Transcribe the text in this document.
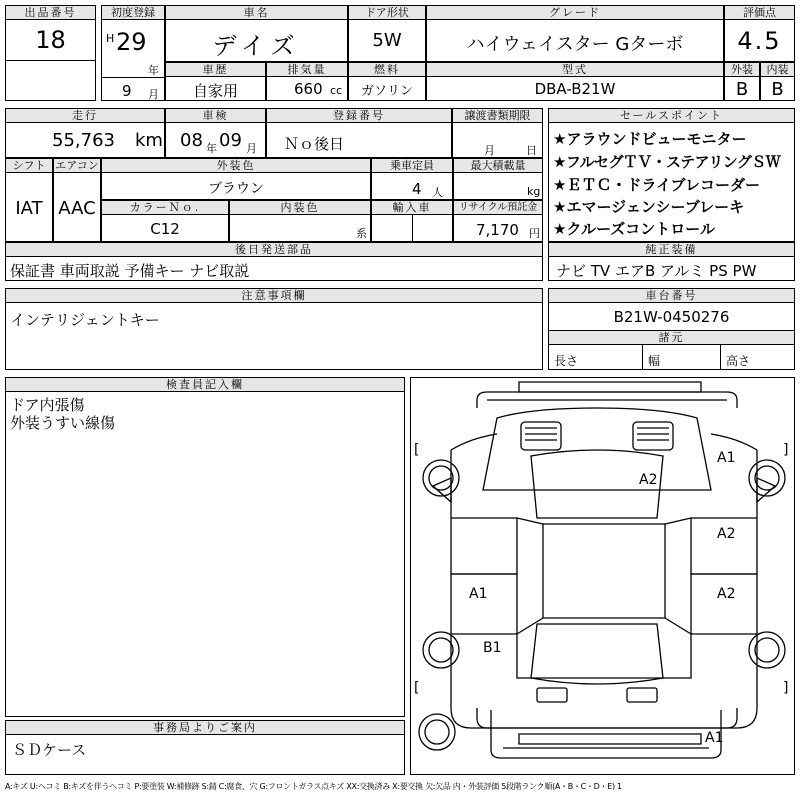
出品番号
18
初度登録
H 29
年
9 月
車名
デイズ
ドア形状
5W
グレード
ハイウェイスター Gターボ
評価点
4.5
車歴
自家用
排気量
660 cc
燃料
ガソリン
型式
DBA-B21W
外装
B
内装
B
走行
55,763 km
車検
08 年 09 月
登録番号
Ｎｏ後日
譲渡書類期限
月	日
シフト
IAT
エアコン
AAC
外装色
ブラウン
乗車定員
4 人
最大積載量
kg
カラーＮｏ.
C12
内装色
系
輸入車	リサイクル預託金
7,170 円
後日発送部品
保証書 車両取説 予備キー ナビ取説
セールスポイント
★アラウンドビューモニター
★フルセグＴＶ・ステアリングＳＷ
★ＥＴＣ・ドライブレコーダー
★エマージェンシーブレーキ
★クルーズコントロール
純正装備
ナビ TV エアB アルミ PS PW
注意事項欄
インテリジェントキー
車台番号
B21W-0450276
諸元
長さ	幅	高さ
検査員記入欄
ドア内張傷
外装うすい線傷
事務局よりご案内
ＳＤケース
[	]
[	]
A1
A2
A2
A1	A2
B1
A1
A:キズ U:ヘコミ B:キズを伴うヘコミ P:要塗装 W:補修跡 S:錆 C:腐食、穴 G:フロントガラス点キズ XX:交換済み X:要交換 欠:欠品 内・外装評価 5段階ランク順(A・B・C・D・E) 1
